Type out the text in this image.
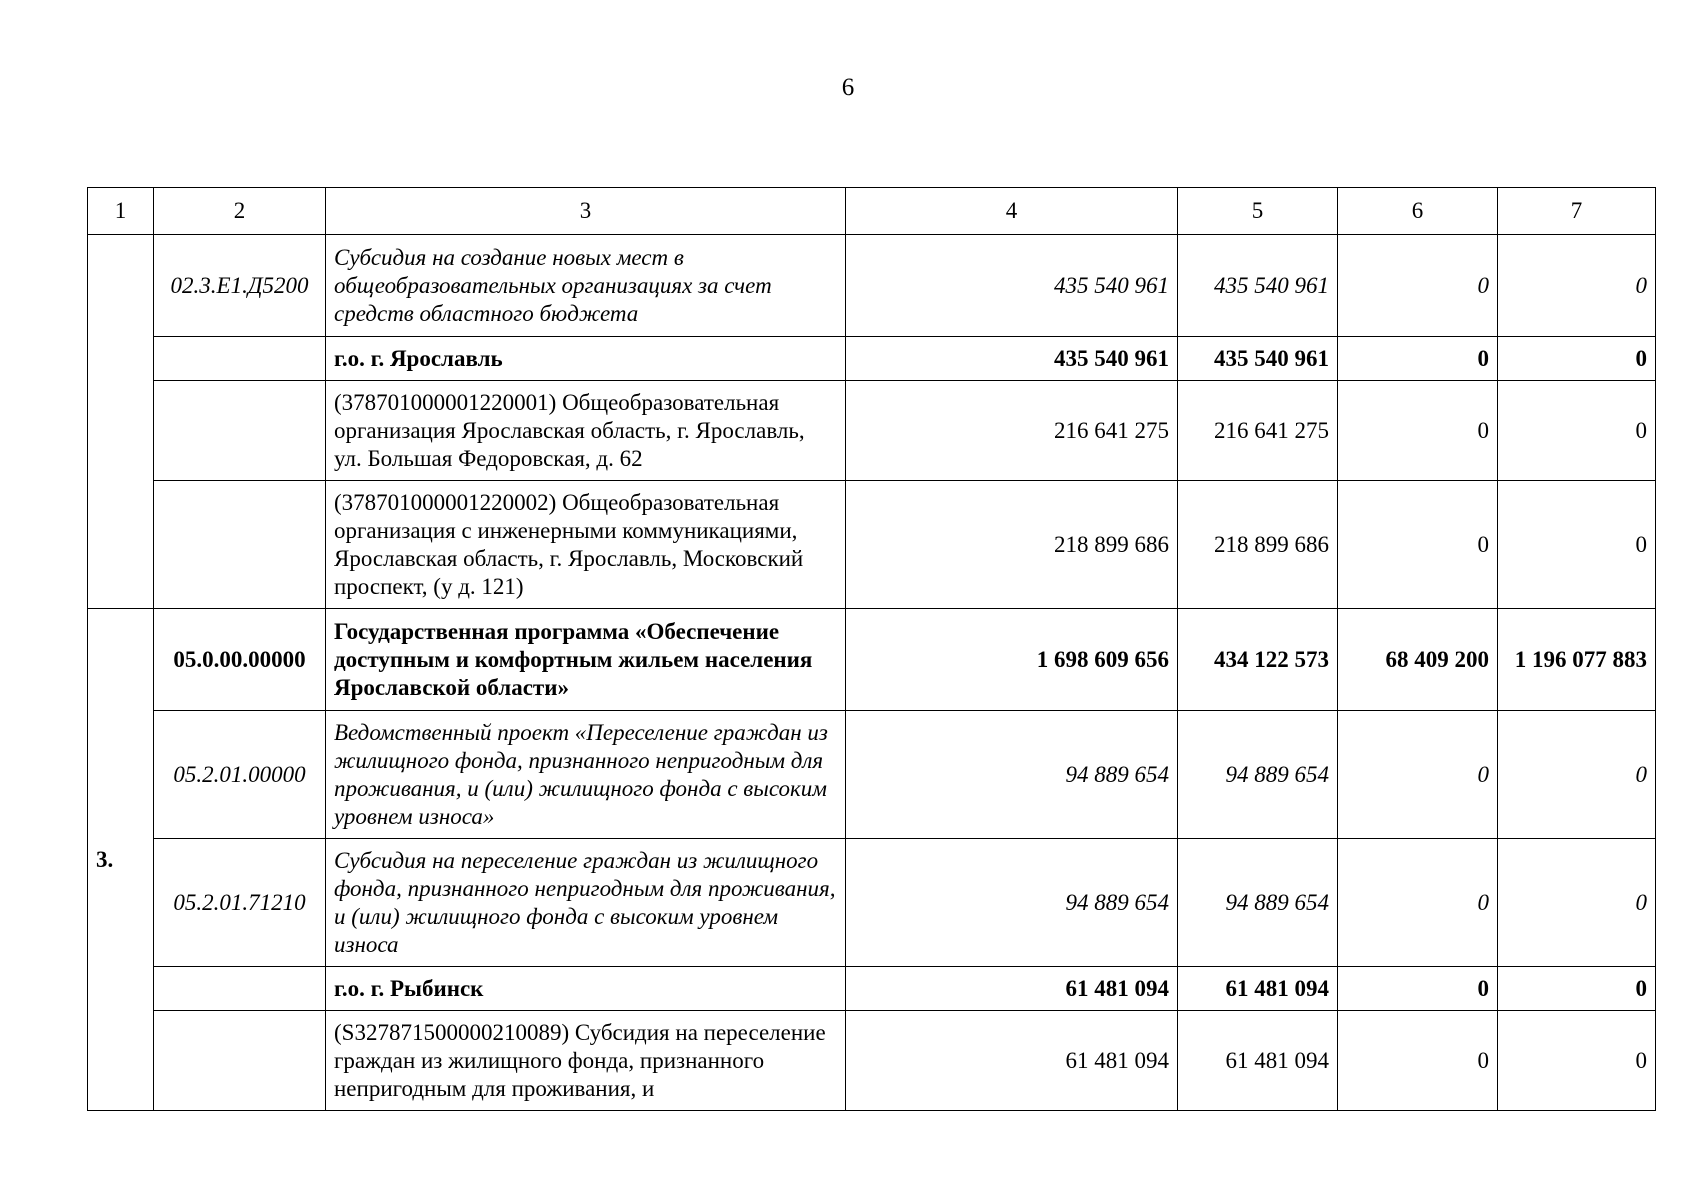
6
1	2	3	4	5	6	7
	02.3.E1.Д5200	Субсидия на создание новых мест в общеобразовательных организациях за счет средств областного бюджета	435 540 961	435 540 961	0	0
		г.о. г. Ярославль	435 540 961	435 540 961	0	0
		(378701000001220001) Общеобразовательная организация Ярославская область, г. Ярославль, ул. Большая Федоровская, д. 62	216 641 275	216 641 275	0	0
		(378701000001220002) Общеобразовательная организация с инженерными коммуникациями, Ярославская область, г. Ярославль, Московский проспект, (у д. 121)	218 899 686	218 899 686	0	0
3.	05.0.00.00000	Государственная программа «Обеспечение доступным и комфортным жильем населения Ярославской области»	1 698 609 656	434 122 573	68 409 200	1 196 077 883
	05.2.01.00000	Ведомственный проект «Переселение граждан из жилищного фонда, признанного непригодным для проживания, и (или) жилищного фонда с высоким уровнем износа»	94 889 654	94 889 654	0	0
	05.2.01.71210	Субсидия на переселение граждан из жилищного фонда, признанного непригодным для проживания, и (или) жилищного фонда с высоким уровнем износа	94 889 654	94 889 654	0	0
		г.о. г. Рыбинск	61 481 094	61 481 094	0	0
		(S327871500000210089) Субсидия на переселение граждан из жилищного фонда, признанного непригодным для проживания, и	61 481 094	61 481 094	0	0
